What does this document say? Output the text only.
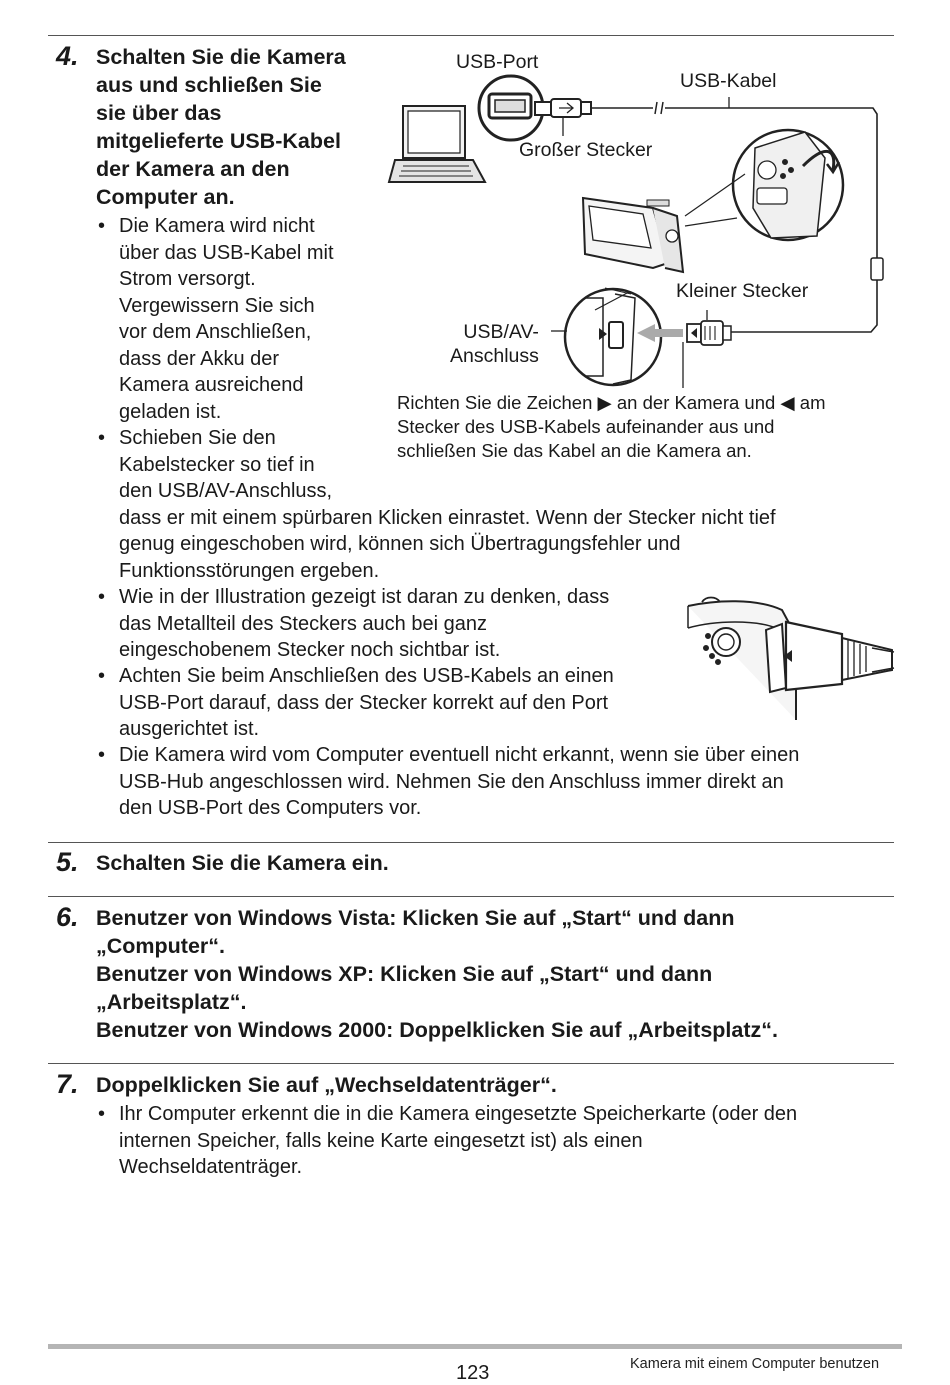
4. Schalten Sie die Kamera
aus und schließen Sie
sie über das
mitgelieferte USB-Kabel
der Kamera an den
Computer an.
• Die Kamera wird nicht
über das USB-Kabel mit
Strom versorgt.
Vergewissern Sie sich
vor dem Anschließen,
dass der Akku der
Kamera ausreichend
geladen ist.
• Schieben Sie den
Kabelstecker so tief in
den USB/AV-Anschluss,
dass er mit einem spürbaren Klicken einrastet. Wenn der Stecker nicht tief
genug eingeschoben wird, können sich Übertragungsfehler und
Funktionsstörungen ergeben.
• Wie in der Illustration gezeigt ist daran zu denken, dass
das Metallteil des Steckers auch bei ganz
eingeschobenem Stecker noch sichtbar ist.
• Achten Sie beim Anschließen des USB-Kabels an einen
USB-Port darauf, dass der Stecker korrekt auf den Port
ausgerichtet ist.
• Die Kamera wird vom Computer eventuell nicht erkannt, wenn sie über einen
USB-Hub angeschlossen wird. Nehmen Sie den Anschluss immer direkt an
den USB-Port des Computers vor.
USB-Port
USB-Kabel
Großer Stecker
Kleiner Stecker
USB/AV-
Anschluss
Richten Sie die Zeichen ▶ an der Kamera und ◀ am
Stecker des USB-Kabels aufeinander aus und
schließen Sie das Kabel an die Kamera an.
5. Schalten Sie die Kamera ein.
6. Benutzer von Windows Vista: Klicken Sie auf „Start“ und dann
„Computer“.
Benutzer von Windows XP: Klicken Sie auf „Start“ und dann
„Arbeitsplatz“.
Benutzer von Windows 2000: Doppelklicken Sie auf „Arbeitsplatz“.
7. Doppelklicken Sie auf „Wechseldatenträger“.
• Ihr Computer erkennt die in die Kamera eingesetzte Speicherkarte (oder den
internen Speicher, falls keine Karte eingesetzt ist) als einen
Wechseldatenträger.
123	Kamera mit einem Computer benutzen
